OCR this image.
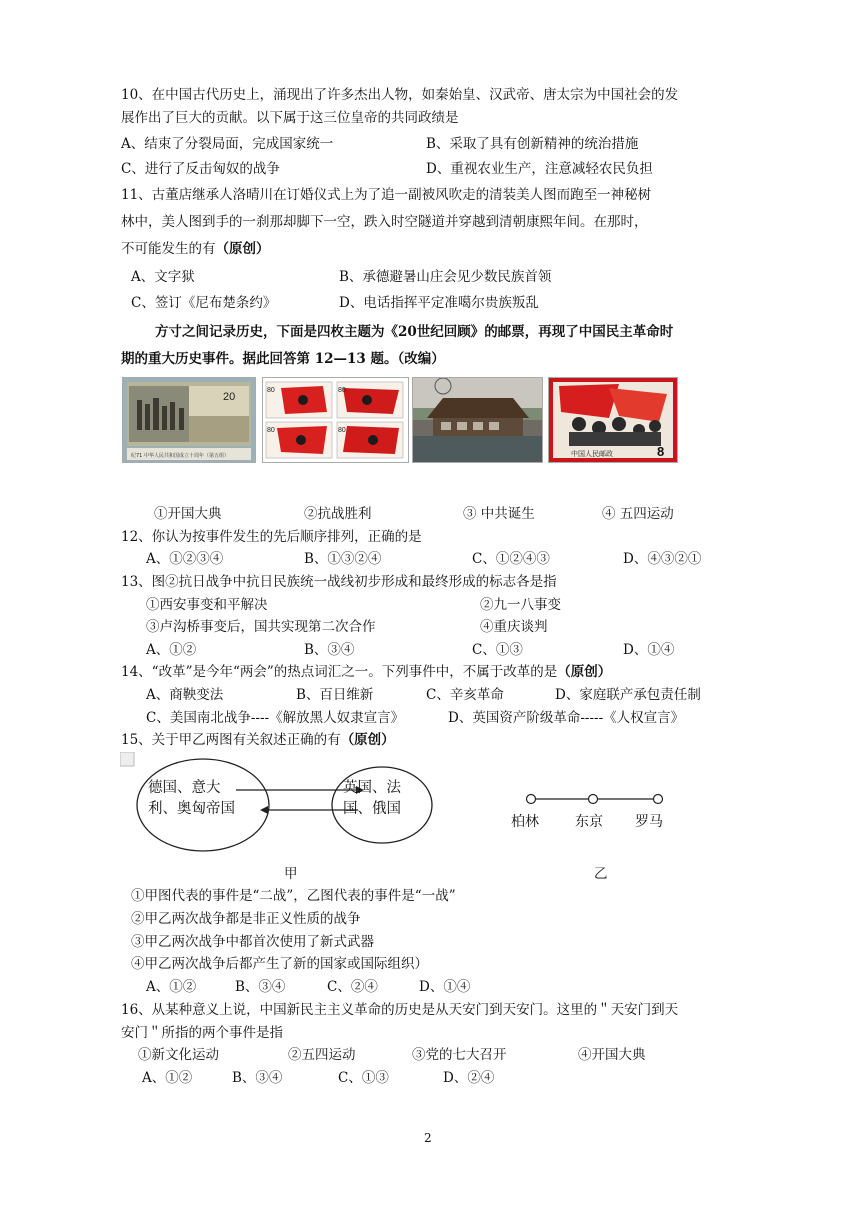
10、在中国古代历史上，涌现出了许多杰出人物，如秦始皇、汉武帝、唐太宗为中国社会的发
展作出了巨大的贡献。以下属于这三位皇帝的共同政绩是
A、结束了分裂局面，完成国家统一	B、采取了具有创新精神的统治措施
C、进行了反击匈奴的战争	D、重视农业生产，注意减轻农民负担
11、古董店继承人洛晴川在订婚仪式上为了追一副被风吹走的清装美人图而跑至一神秘树
林中，美人图到手的一刹那却脚下一空，跌入时空隧道并穿越到清朝康熙年间。在那时，
不可能发生的有（原创）
A、文字狱	B、承德避暑山庄会见少数民族首领
C、签订《尼布楚条约》	D、电话指挥平定准噶尔贵族叛乱
方寸之间记录历史，下面是四枚主题为《20世纪回顾》的邮票，再现了中国民主革命时
期的重大历史事件。据此回答第 12—13 题。（改编）
20
纪71 中华人民共和国成立十周年（第五组）
80	80
80	80
中国人民邮政	8
①开国大典	②抗战胜利	③ 中共诞生	④ 五四运动
12、你认为按事件发生的先后顺序排列，正确的是
A、①②③④	B、①③②④	C、①②④③	D、④③②①
13、图②抗日战争中抗日民族统一战线初步形成和最终形成的标志各是指
①西安事变和平解决	②九一八事变
③卢沟桥事变后，国共实现第二次合作	④重庆谈判
A、①②	B、③④	C、①③	D、①④
14、“改革”是今年“两会”的热点词汇之一。下列事件中，不属于改革的是（原创）
A、商鞅变法	B、百日维新	C、辛亥革命	D、家庭联产承包责任制
C、美国南北战争----《解放黑人奴隶宣言》	D、英国资产阶级革命-----《人权宣言》
15、关于甲乙两图有关叙述正确的有（原创）
德国、意大
利、奥匈帝国
英国、法
国、俄国
柏林	东京 罗马
甲	乙
①甲图代表的事件是“二战”，乙图代表的事件是“一战”
②甲乙两次战争都是非正义性质的战争
③甲乙两次战争中都首次使用了新式武器
④甲乙两次战争后都产生了新的国家或国际组织）
A、①②	B、③④	C、②④	D、①④
16、从某种意义上说，中国新民主主义革命的历史是从天安门到天安门。这里的＂天安门到天
安门＂所指的两个事件是指
①新文化运动	②五四运动	③党的七大召开	④开国大典
A、①②	B、③④	C、①③	D、②④
2
